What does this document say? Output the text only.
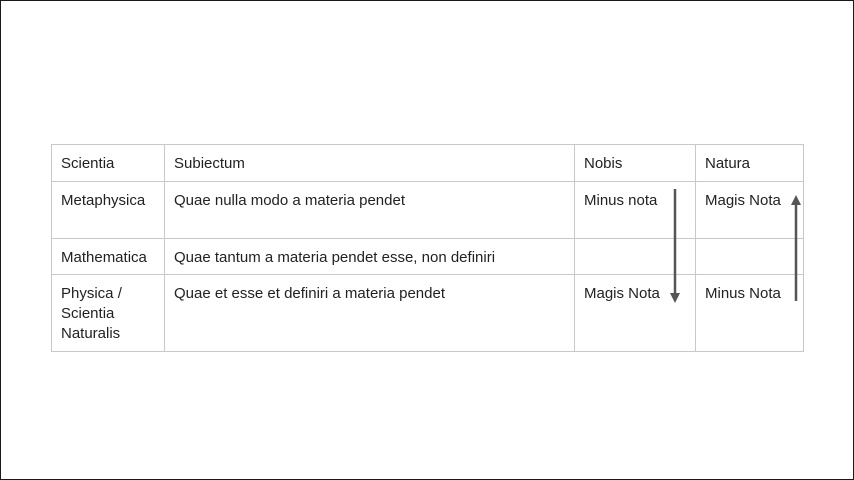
Scientia	Subiectum	Nobis	Natura
Metaphysica	Quae nulla modo a materia pendet	Minus nota	Magis Nota
Mathematica	Quae tantum a materia pendet esse, non definiri		
Physica / Scientia Naturalis	Quae et esse et definiri a materia pendet	Magis Nota	Minus Nota
